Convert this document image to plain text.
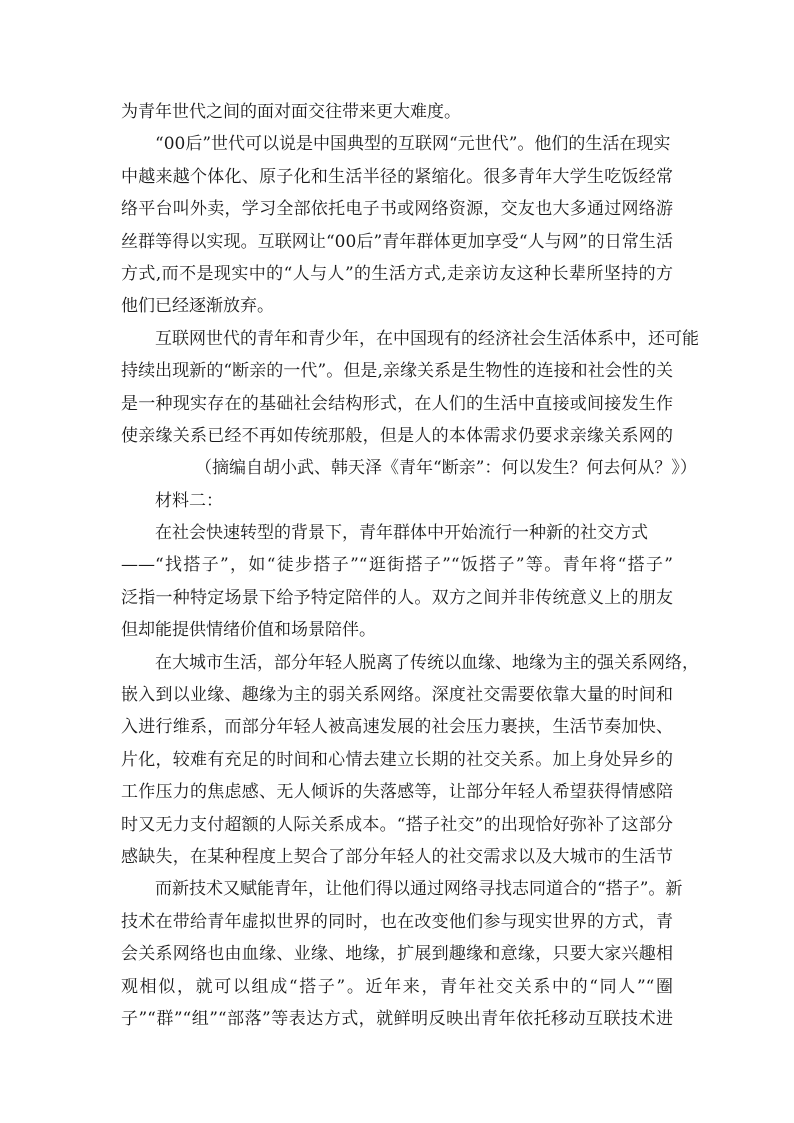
为青年世代之间的面对面交往带来更大难度。
“00后”世代可以说是中国典型的互联网“元世代”。他们的生活在现实
中越来越个体化、原子化和生活半径的紧缩化。很多青年大学生吃饭经常
络平台叫外卖，学习全部依托电子书或网络资源，交友也大多通过网络游
丝群等得以实现。互联网让“00后”青年群体更加享受“人与网”的日常生活
方式,而不是现实中的“人与人”的生活方式,走亲访友这种长辈所坚持的方
他们已经逐渐放弃。
互联网世代的青年和青少年，在中国现有的经济社会生活体系中，还可能
持续出现新的“断亲的一代”。但是,亲缘关系是生物性的连接和社会性的关
是一种现实存在的基础社会结构形式，在人们的生活中直接或间接发生作
使亲缘关系已经不再如传统那般，但是人的本体需求仍要求亲缘关系网的
（摘编自胡小武、韩天泽《青年“断亲”：何以发生？何去何从？》）
材料二：
在社会快速转型的背景下，青年群体中开始流行一种新的社交方式
——“找搭子”，如“徒步搭子”“逛街搭子”“饭搭子”等。青年将“搭子”
泛指一种特定场景下给予特定陪伴的人。双方之间并非传统意义上的朋友
但却能提供情绪价值和场景陪伴。
在大城市生活，部分年轻人脱离了传统以血缘、地缘为主的强关系网络，
嵌入到以业缘、趣缘为主的弱关系网络。深度社交需要依靠大量的时间和
入进行维系，而部分年轻人被高速发展的社会压力裹挟，生活节奏加快、
片化，较难有充足的时间和心情去建立长期的社交关系。加上身处异乡的
工作压力的焦虑感、无人倾诉的失落感等，让部分年轻人希望获得情感陪
时又无力支付超额的人际关系成本。“搭子社交”的出现恰好弥补了这部分
感缺失，在某种程度上契合了部分年轻人的社交需求以及大城市的生活节
而新技术又赋能青年，让他们得以通过网络寻找志同道合的“搭子”。新
技术在带给青年虚拟世界的同时，也在改变他们参与现实世界的方式，青
会关系网络也由血缘、业缘、地缘，扩展到趣缘和意缘，只要大家兴趣相
观相似，就可以组成“搭子”。近年来，青年社交关系中的“同人”“圈
子”“群”“组”“部落”等表达方式，就鲜明反映出青年依托移动互联技术进
